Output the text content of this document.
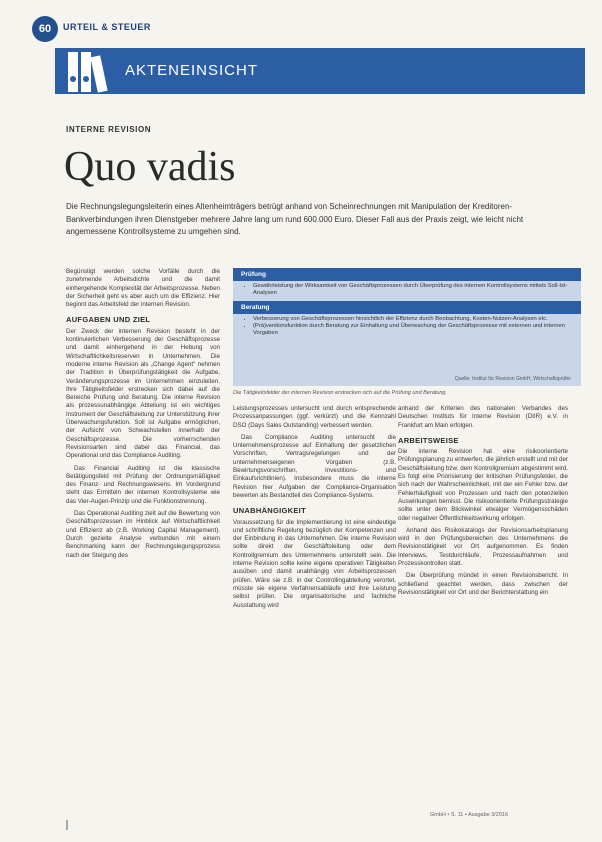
60	URTEIL & STEUER
AKTENEINSICHT
INTERNE REVISION
Quo vadis
Die Rechnungslegungsleiterin eines Altenheimträgers betrügt anhand von Scheinrechnungen mit Manipulation der Kreditoren-Bankverbindungen ihren Dienstgeber mehrere Jahre lang um rund 600.000 Euro. Dieser Fall aus der Praxis zeigt, wie leicht nicht angemessene Kontrollsysteme zu umgehen sind.

Begünstigt werden solche Vorfälle durch die zunehmende Arbeitsdichte und die damit einhergehende Komplexität der Arbeitsprozesse. Neben der Sicherheit geht es aber auch um die Effizienz. Hier beginnt das Arbeitsfeld der internen Revision.

AUFGABEN UND ZIEL

Der Zweck der internen Revision besteht in der kontinuierlichen Verbesserung der Geschäftsprozesse und damit einhergehend in der Hebung von Wirtschaftlichkeitsreserven in Unternehmen. Die moderne interne Revision als „Change Agent“ nehmen der Tradition in Überprüfungstätigkeit die Aufgabe, Veränderungsprozesse im Unternehmen einzuleiten. Ihre Tätigkeitsfelder erstrecken sich dabei auf die Bereiche Prüfung und Beratung. Die interne Revision als prozessunabhängige Abteilung ist ein wichtiges Instrument der Geschäftsleitung zur Unterstützung ihrer Überwachungsfunktion. Soll ist Aufgabe ermöglichen, der Aufsicht von Schwachstellen innerhalb der Geschäftsprozesse. Die vorherrschenden Revisionsarten sind dabei das Financial, das Operational und das Compliance Auditing.

Das Financial Auditing ist die klassische Betätigungsfeld mit Prüfung der Ordnungsmäßigkeit des Finanz- und Rechnungswesens. Im Vordergrund steht das Ermitteln der internen Kontrollsysteme wie das Vier-Augen-Prinzip und die Funktionstrennung.

Das Operational Auditing zielt auf die Bewertung von Geschäftsprozessen im Hinblick auf Wirtschaftlichkeit und Effizienz ab (z.B. Working Capital Management). Durch gezielte Analyse verbunden mit einem Benchmarking kann der Rechnungslegungsprozess nach der Steigung des

Prüfung
• Gewährleistung der Wirksamkeit von Geschäftsprozessen durch Überprüfung des internen Kontrollsystems mittels Soll-Ist-Analysen
Beratung
• Verbesserung von Geschäftsprozessen hinsichtlich der Effizienz durch Beobachtung, Kosten-Nutzen-Analysen etc.
• (Prä)ventionsfunktion durch Beratung zur Einhaltung und Überwachung der Geschäftsprozesse mit externen und internen Vorgaben
Quelle: Institut für Revision GmbH, Wirtschaftsprüfer
Die Tätigkeitsfelder der internen Revision erstrecken sich auf die Prüfung und Beratung.

Leistungsprozesses untersucht und durch entsprechende Prozessanpassungen (ggf. verkürzt) und die Kennzahl DSO (Days Sales Outstanding) verbessert werden.

Das Compliance Auditing untersucht die Unternehmensprozesse auf Einhaltung der gesetzlichen Vorschriften, Vertragsregelungen und der unternehmenseigenen Vorgaben (z.B. Bewirtungsvorschriften, Investitions- und Einkaufsrichtlinien). Insbesondere muss die interne Revision hier Aufgaben der Compliance-Organisation bewerten als Bestandteil des Compliance-Systems.

UNABHÄNGIGKEIT

Voraussetzung für die Implementierung ist eine eindeutige und schriftliche Regelung bezüglich der Kompetenzen und der Einbindung in das Unternehmen. Die interne Revision sollte direkt der Geschäftsleitung oder dem Kontrollgremium des Unternehmens unterstellt sein. Die interne Revision sollte keine eigene operativen Tätigkeiten ausüben und damit unabhängig von Arbeitsprozessen prüfen. Wäre sie z.B. in der Controllingabteilung verortet, müsste sie eigene Verfahrensabläufe und ihre Leistung selbst prüfen. Die organisatorische und fachliche Ausstattung wird

anhand der Kriterien des nationalen Verbandes des Deutschen Instituts für Interne Revision (DIIR) e.V. in Frankfurt am Main erfolgen.

ARBEITSWEISE

Die interne Revision hat eine risikoorientierte Prüfungsplanung zu entwerfen, die jährlich erstellt und mit der Geschäftsleitung bzw. dem Kontrollgremium abgestimmt wird. Es folgt eine Priorisierung der kritischen Prüfungsfelder, die sich nach der Wahrscheinlichkeit, mit der ein Fehler bzw. der Fehlerhäufigkeit von Prozessen und nach den potenziellen Auswirkungen bemisst. Die risikoorientierte Prüfungsstrategie sollte unter dem Blickwinkel etwaiger Vermögensschäden oder negativer Öffentlichkeitswirkung erfolgen.

Anhand des Risikokatalogs der Revisionsarbeitsplanung wird in den Prüfungsbereichen des Unternehmens die Revisionstätigkeit vor Ort aufgenommen. Es finden Interviews, Testdurchläufe, Prozessaufnahmen und Prozesskontrollen statt.

Die Überprüfung mündet in einen Revisionsbericht. In schließend geachtet werden, dass zwischen der Revisionstätigkeit vor Ort und der Berichterstattung ein

GmbH • S. 11 • Ausgabe 3/2016
